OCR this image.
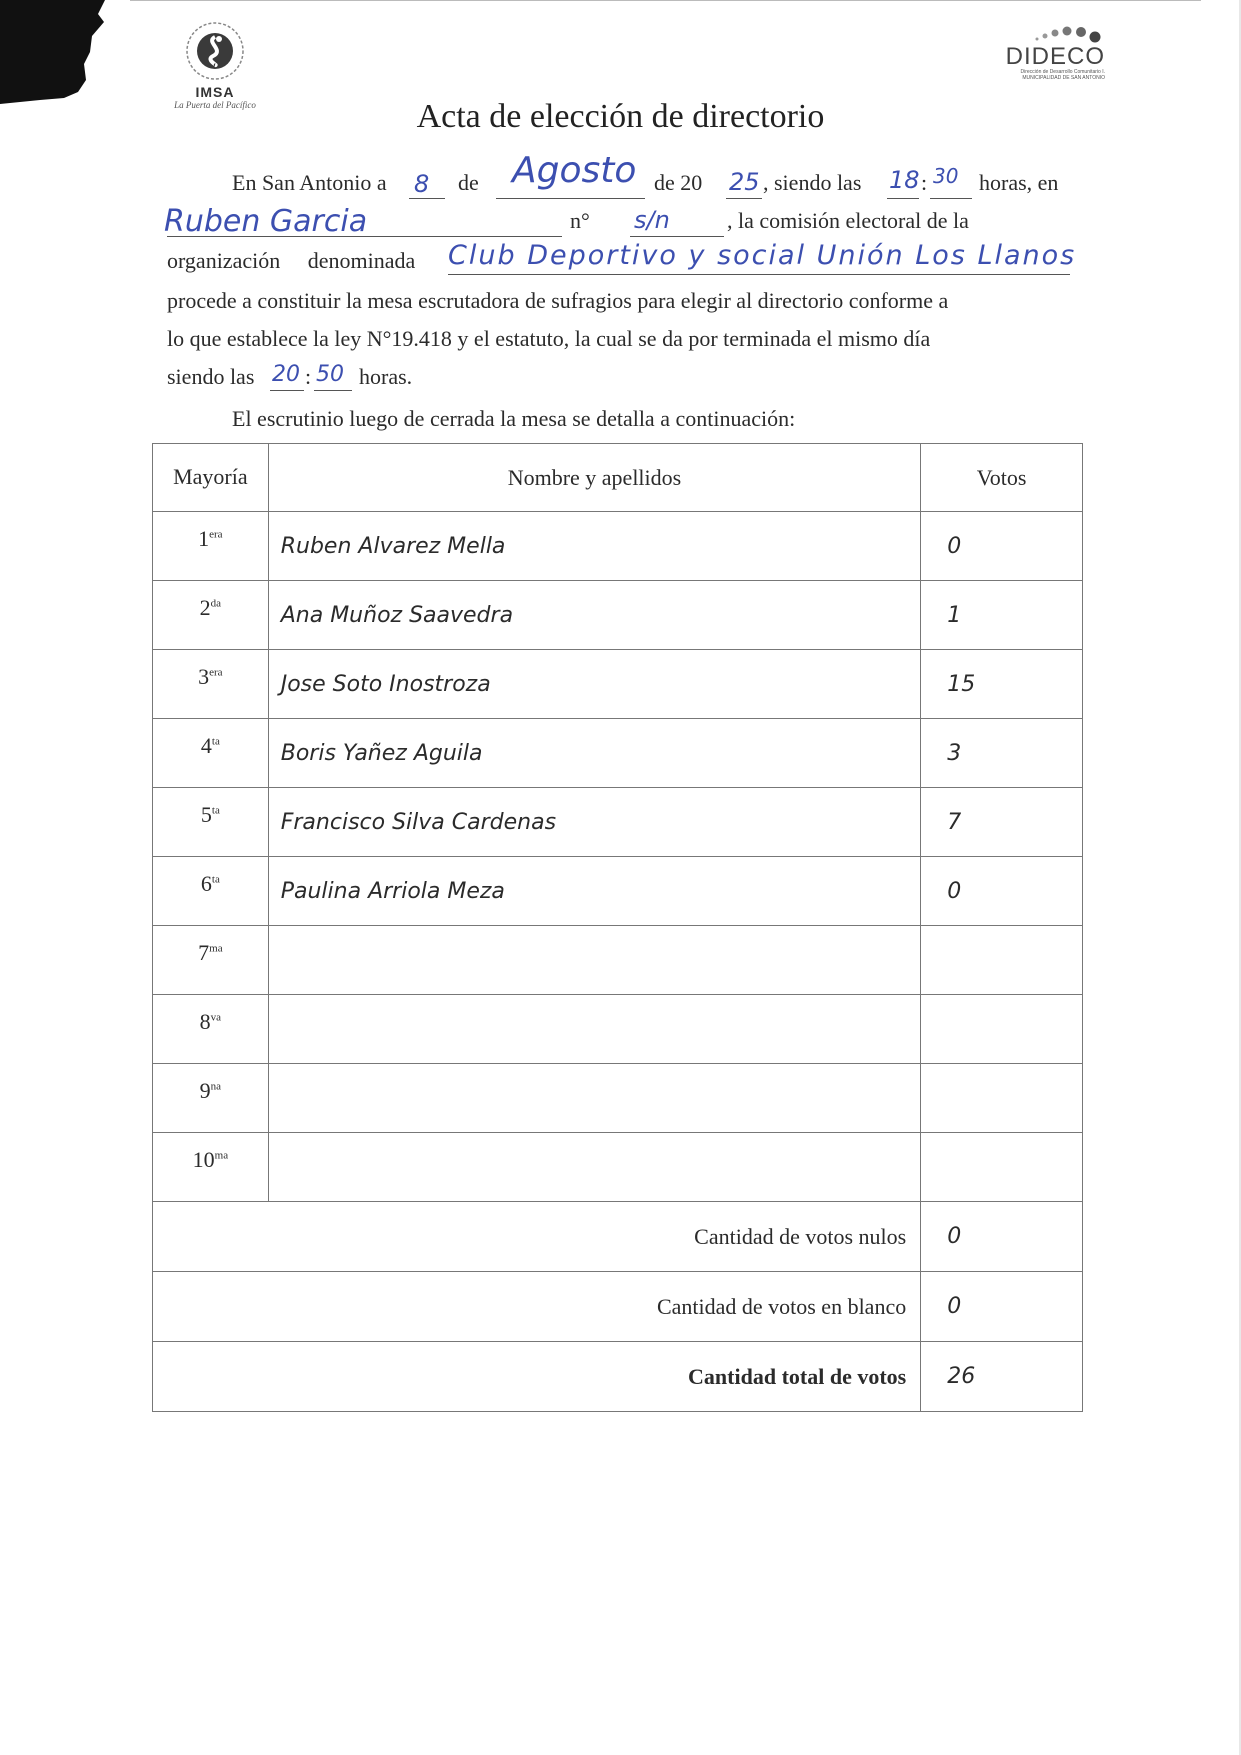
IMSA
La Puerta del Pacífico
DIDECO
Dirección de Desarrollo Comunitario I. MUNICIPALIDAD DE SAN ANTONIO
Acta de elección de directorio
En San Antonio a 8 de Agosto de 20 25 , siendo las 18 : 30 horas, en
Ruben Garcia	n° s/n	, la comisión electoral de la
organización denominada Club Deportivo y social Unión Los Llanos
procede a constituir la mesa escrutadora de sufragios para elegir al directorio conforme a
lo que establece la ley N°19.418 y el estatuto, la cual se da por terminada el mismo día
siendo las 20 : 50 horas.
El escrutinio luego de cerrada la mesa se detalla a continuación:
Mayoría	Nombre y apellidos	Votos
$1^{era}$	Ruben Alvarez Mella	0
$2^{da}$	Ana Muñoz Saavedra	1
$3^{era}$	Jose Soto Inostroza	15
$4^{ta}$	Boris Yañez Aguila	3
$5^{ta}$	Francisco Silva Cardenas	7
$6^{ta}$	Paulina Arriola Meza	0
$7^{ma}$		
$8^{va}$		
$9^{na}$		
$10^{ma}$		
Cantidad de votos nulos		0
Cantidad de votos en blanco		0
Cantidad total de votos		26
